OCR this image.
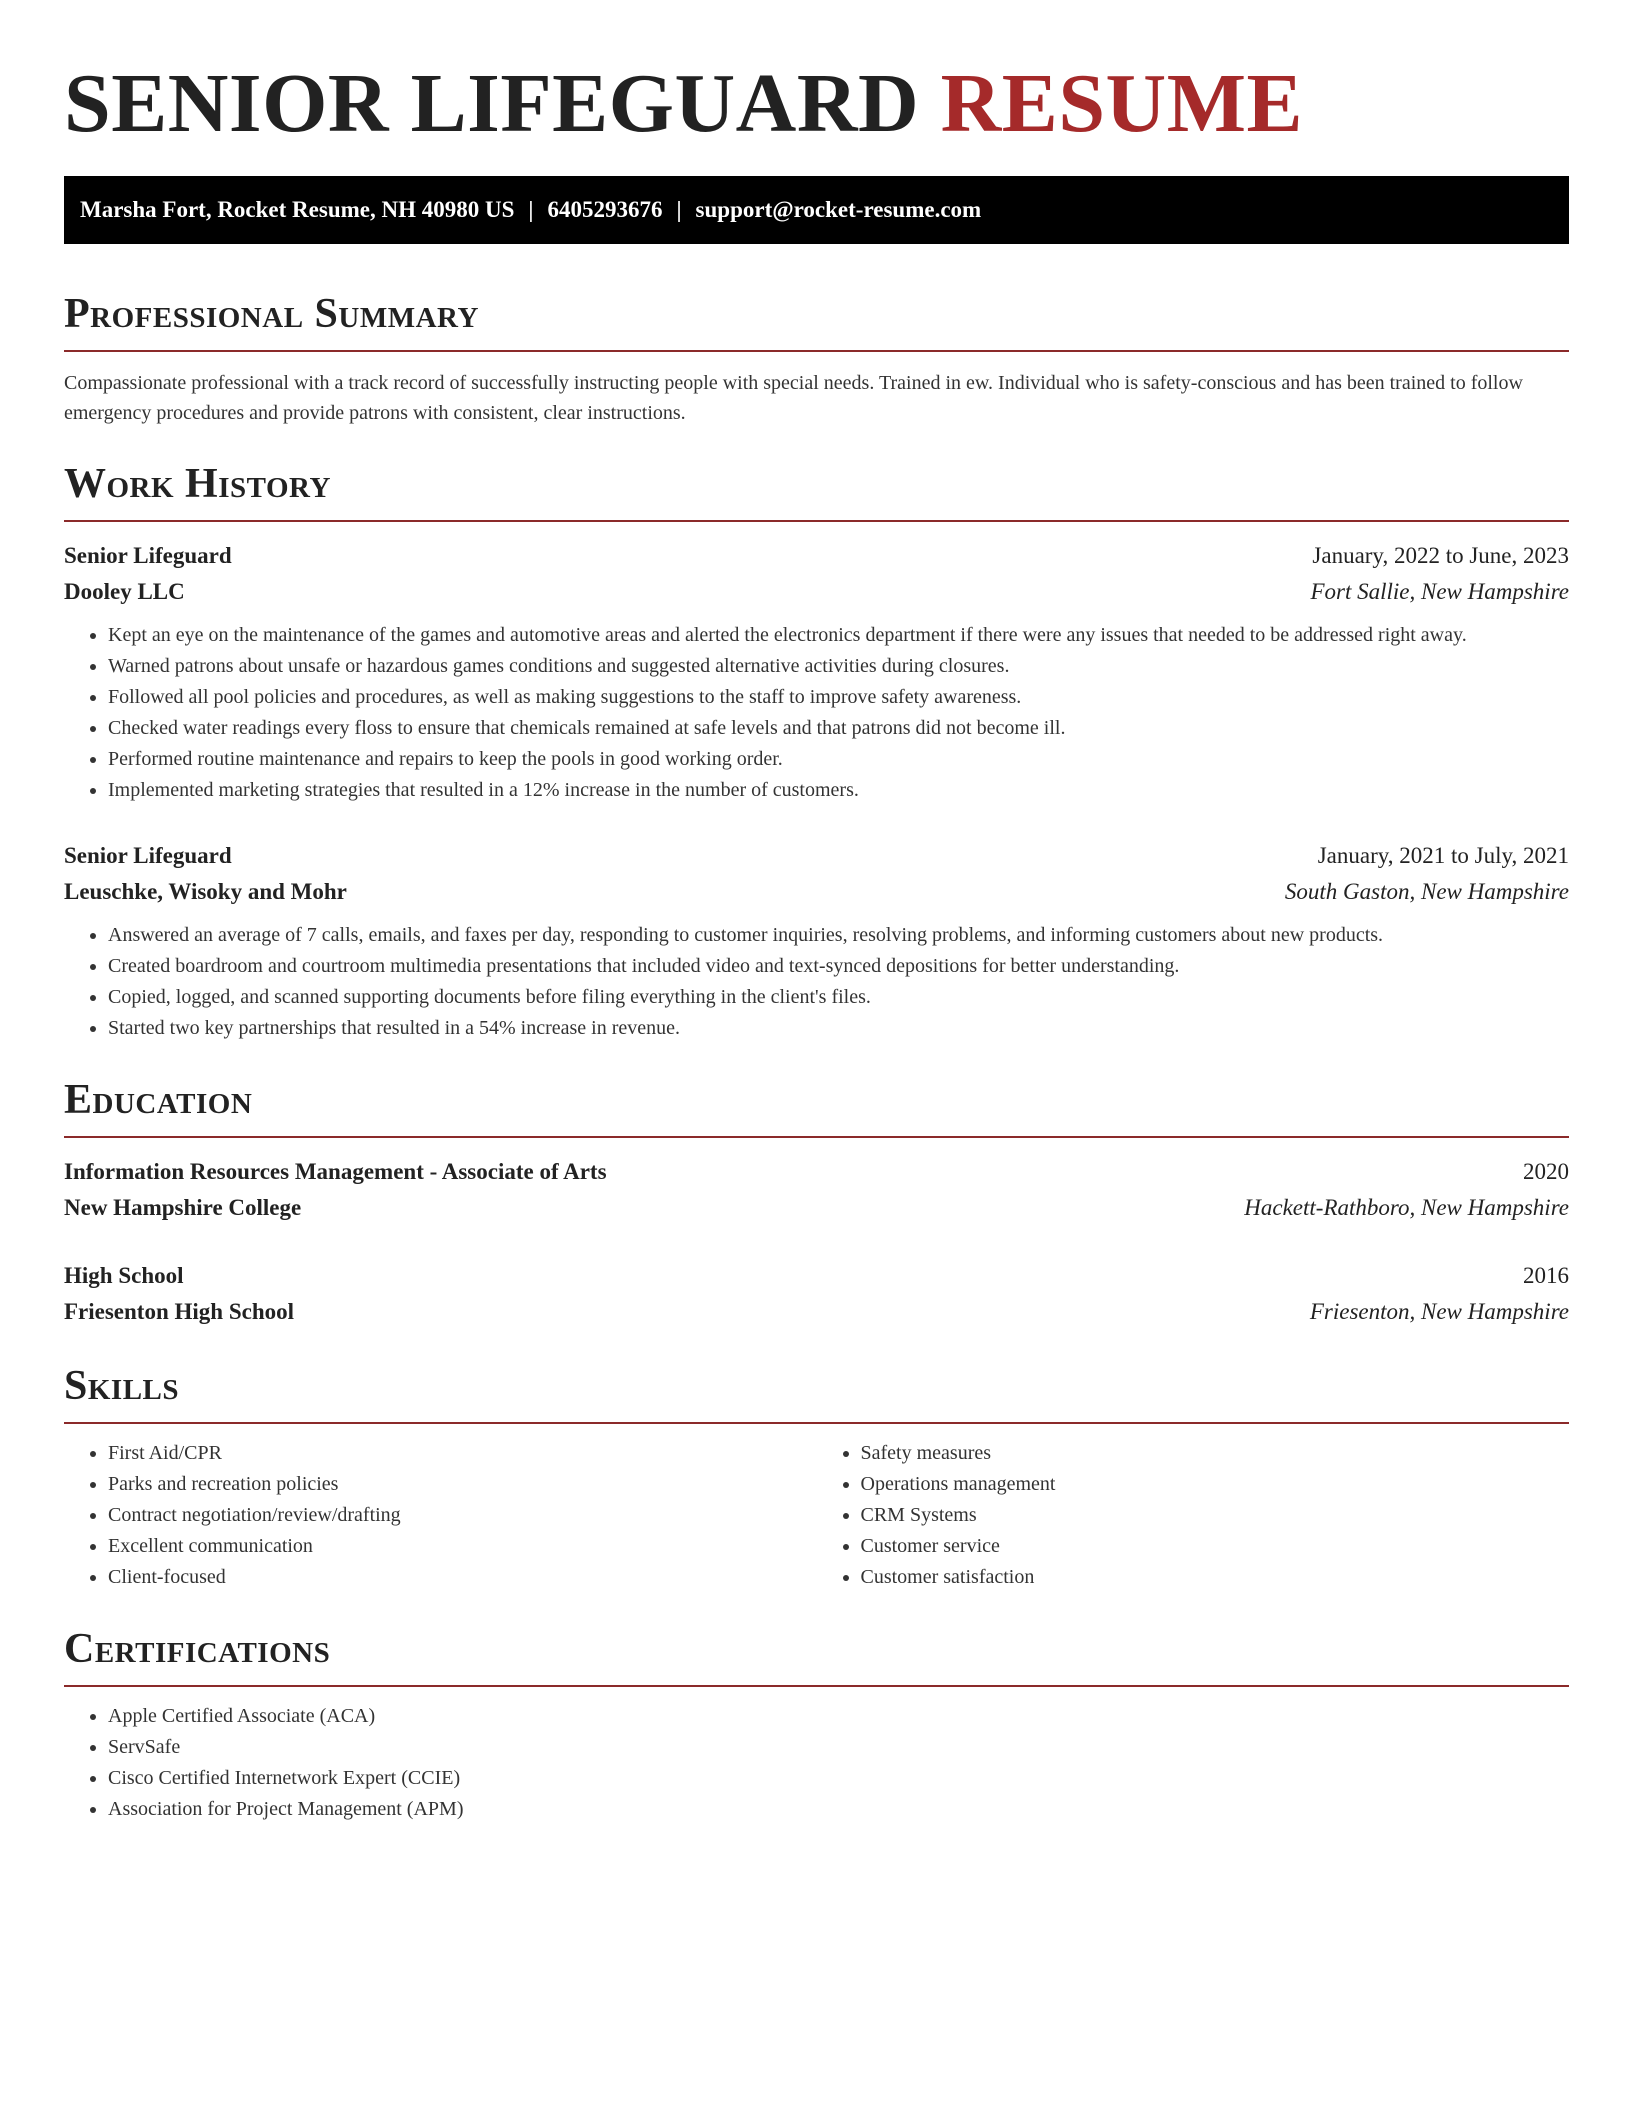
SENIOR LIFEGUARD RESUME
Marsha Fort, Rocket Resume, NH 40980 US | 6405293676 | support@rocket-resume.com
Professional Summary

Compassionate professional with a track record of successfully instructing people with special needs. Trained in ew. Individual who is safety-conscious and has been trained to follow emergency procedures and provide patrons with consistent, clear instructions.

Work History
Senior Lifeguard	January, 2022 to June, 2023
Dooley LLC	Fort Sallie, New Hampshire
• Kept an eye on the maintenance of the games and automotive areas and alerted the electronics department if there were any issues that needed to be addressed right away.
• Warned patrons about unsafe or hazardous games conditions and suggested alternative activities during closures.
• Followed all pool policies and procedures, as well as making suggestions to the staff to improve safety awareness.
• Checked water readings every floss to ensure that chemicals remained at safe levels and that patrons did not become ill.
• Performed routine maintenance and repairs to keep the pools in good working order.
• Implemented marketing strategies that resulted in a 12% increase in the number of customers.
Senior Lifeguard	January, 2021 to July, 2021
Leuschke, Wisoky and Mohr	South Gaston, New Hampshire
• Answered an average of 7 calls, emails, and faxes per day, responding to customer inquiries, resolving problems, and informing customers about new products.
• Created boardroom and courtroom multimedia presentations that included video and text-synced depositions for better understanding.
• Copied, logged, and scanned supporting documents before filing everything in the client's files.
• Started two key partnerships that resulted in a 54% increase in revenue.
Education
Information Resources Management - Associate of Arts	2020
New Hampshire College	Hackett-Rathboro, New Hampshire
High School	2016
Friesenton High School	Friesenton, New Hampshire
Skills
• First Aid/CPR
• Parks and recreation policies
• Contract negotiation/review/drafting
• Excellent communication
• Client-focused
• Safety measures
• Operations management
• CRM Systems
• Customer service
• Customer satisfaction
Certifications
• Apple Certified Associate (ACA)
• ServSafe
• Cisco Certified Internetwork Expert (CCIE)
• Association for Project Management (APM)
